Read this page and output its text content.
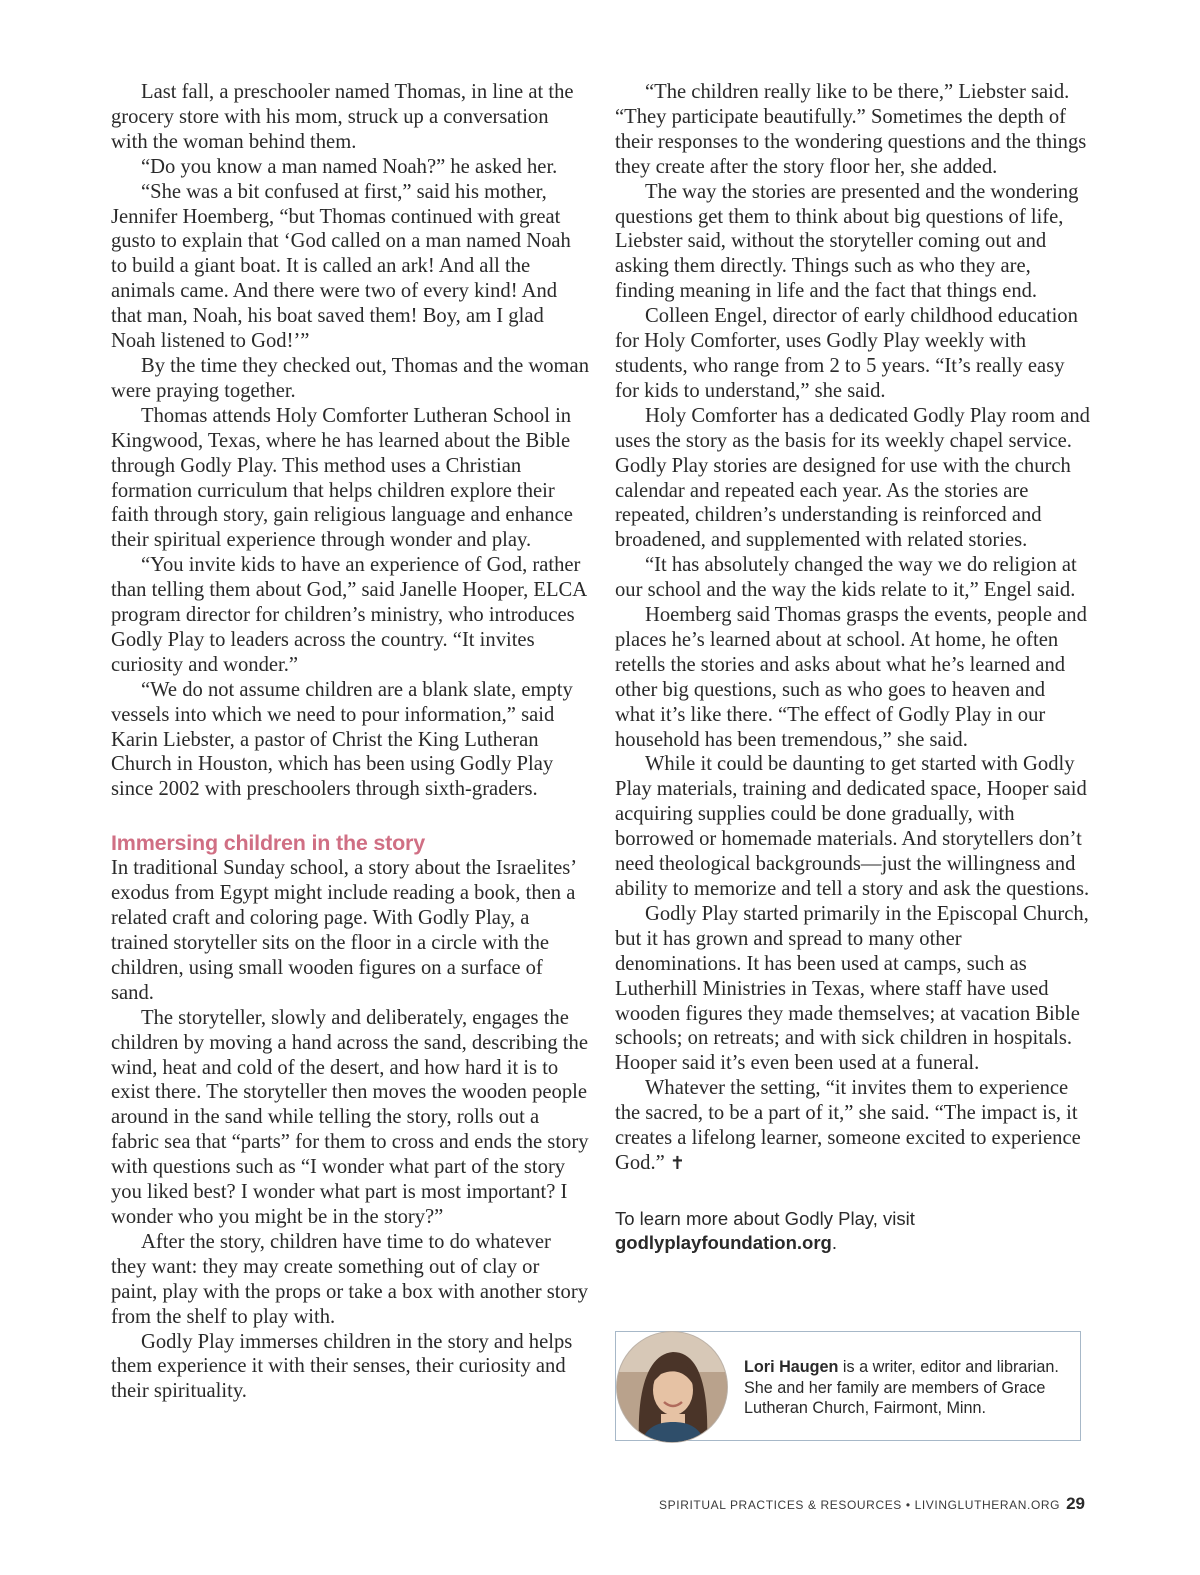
Last fall, a preschooler named Thomas, in line at the grocery store with his mom, struck up a conversation with the woman behind them.

“Do you know a man named Noah?” he asked her.

“She was a bit confused at first,” said his mother, Jennifer Hoemberg, “but Thomas continued with great gusto to explain that ‘God called on a man named Noah to build a giant boat. It is called an ark! And all the animals came. And there were two of every kind! And that man, Noah, his boat saved them! Boy, am I glad Noah listened to God!’”

By the time they checked out, Thomas and the woman were praying together.

Thomas attends Holy Comforter Lutheran School in Kingwood, Texas, where he has learned about the Bible through Godly Play. This method uses a Christian formation curriculum that helps children explore their faith through story, gain religious language and enhance their spiritual experience through wonder and play.

“You invite kids to have an experience of God, rather than telling them about God,” said Janelle Hooper, ELCA program director for children’s ministry, who introduces Godly Play to leaders across the country. “It invites curiosity and wonder.”

“We do not assume children are a blank slate, empty vessels into which we need to pour information,” said Karin Liebster, a pastor of Christ the King Lutheran Church in Houston, which has been using Godly Play since 2002 with preschoolers through sixth-graders.

Immersing children in the story

In traditional Sunday school, a story about the Israelites’ exodus from Egypt might include reading a book, then a related craft and coloring page. With Godly Play, a trained storyteller sits on the floor in a circle with the children, using small wooden figures on a surface of sand.

The storyteller, slowly and deliberately, engages the children by moving a hand across the sand, describing the wind, heat and cold of the desert, and how hard it is to exist there. The storyteller then moves the wooden people around in the sand while telling the story, rolls out a fabric sea that “parts” for them to cross and ends the story with questions such as “I wonder what part of the story you liked best? I wonder what part is most important? I wonder who you might be in the story?”

After the story, children have time to do whatever they want: they may create something out of clay or paint, play with the props or take a box with another story from the shelf to play with.

Godly Play immerses children in the story and helps them experience it with their senses, their curiosity and their spirituality.

“The children really like to be there,” Liebster said. “They participate beautifully.” Sometimes the depth of their responses to the wondering questions and the things they create after the story floor her, she added.

The way the stories are presented and the wondering questions get them to think about big questions of life, Liebster said, without the storyteller coming out and asking them directly. Things such as who they are, finding meaning in life and the fact that things end.

Colleen Engel, director of early childhood education for Holy Comforter, uses Godly Play weekly with students, who range from 2 to 5 years. “It’s really easy for kids to understand,” she said.

Holy Comforter has a dedicated Godly Play room and uses the story as the basis for its weekly chapel service. Godly Play stories are designed for use with the church calendar and repeated each year. As the stories are repeated, children’s understanding is reinforced and broadened, and supplemented with related stories.

“It has absolutely changed the way we do religion at our school and the way the kids relate to it,” Engel said.

Hoemberg said Thomas grasps the events, people and places he’s learned about at school. At home, he often retells the stories and asks about what he’s learned and other big questions, such as who goes to heaven and what it’s like there. “The effect of Godly Play in our household has been tremendous,” she said.

While it could be daunting to get started with Godly Play materials, training and dedicated space, Hooper said acquiring supplies could be done gradually, with borrowed or homemade materials. And storytellers don’t need theological backgrounds—just the willingness and ability to memorize and tell a story and ask the questions.

Godly Play started primarily in the Episcopal Church, but it has grown and spread to many other denominations. It has been used at camps, such as Lutherhill Ministries in Texas, where staff have used wooden figures they made themselves; at vacation Bible schools; on retreats; and with sick children in hospitals. Hooper said it’s even been used at a funeral.

Whatever the setting, “it invites them to experience the sacred, to be a part of it,” she said. “The impact is, it creates a lifelong learner, someone excited to experience God.” ✝

To learn more about Godly Play, visit
godlyplayfoundation.org.
Lori Haugen is a writer, editor and librarian. She and her family are members of Grace Lutheran Church, Fairmont, Minn.
SPIRITUAL PRACTICES & RESOURCES • LIVINGLUTHERAN.ORG 29
